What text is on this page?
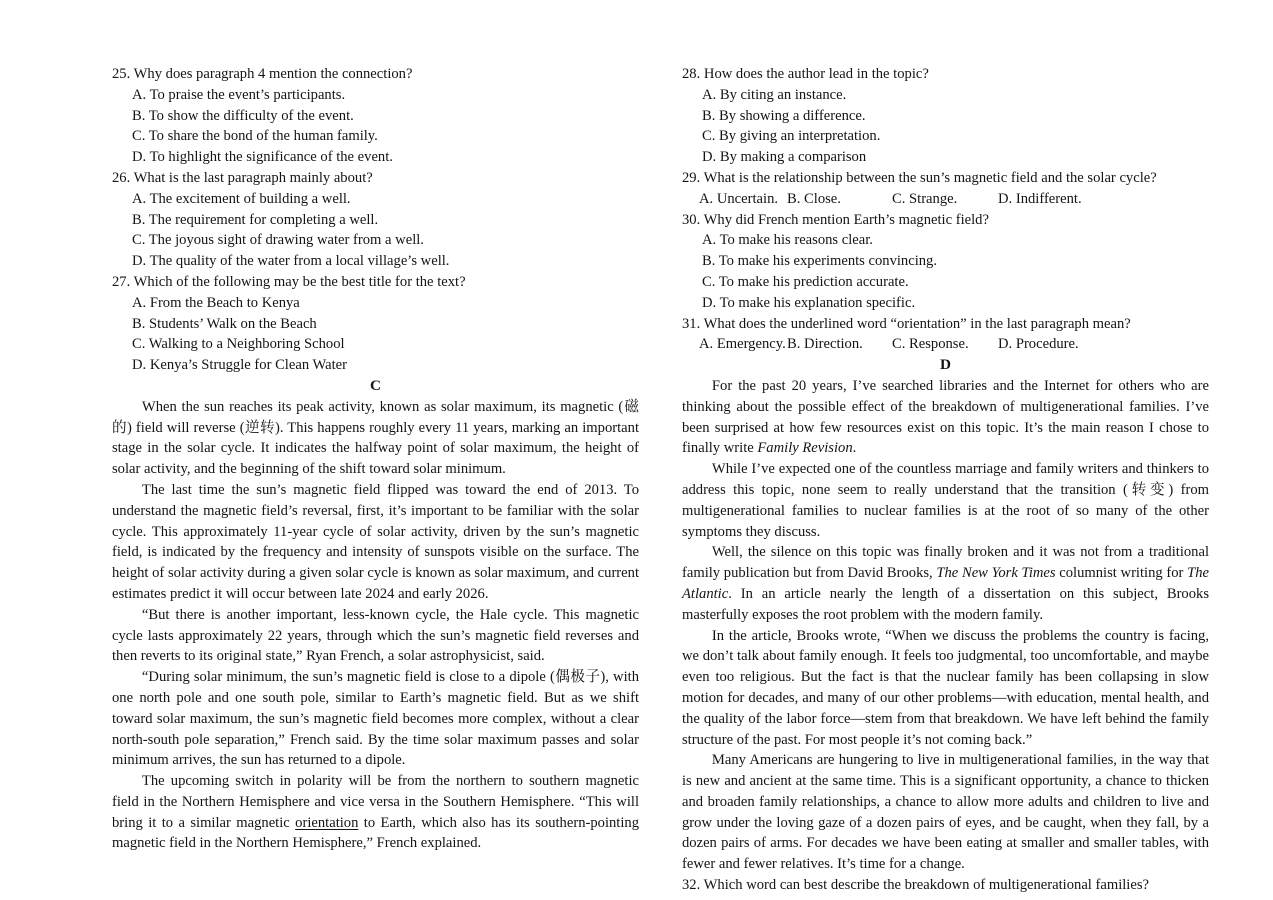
25. Why does paragraph 4 mention the connection?
A. To praise the event’s participants.
B. To show the difficulty of the event.
C. To share the bond of the human family.
D. To highlight the significance of the event.
26. What is the last paragraph mainly about?
A. The excitement of building a well.
B. The requirement for completing a well.
C. The joyous sight of drawing water from a well.
D. The quality of the water from a local village’s well.
27. Which of the following may be the best title for the text?
A. From the Beach to Kenya
B. Students’ Walk on the Beach
C. Walking to a Neighboring School
D. Kenya’s Struggle for Clean Water
C
When the sun reaches its peak activity, known as solar maximum, its magnetic (磁的) field will reverse (逆转). This happens roughly every 11 years, marking an important stage in the solar cycle. It indicates the halfway point of solar maximum, the height of solar activity, and the beginning of the shift toward solar minimum.
The last time the sun’s magnetic field flipped was toward the end of 2013. To understand the magnetic field’s reversal, first, it’s important to be familiar with the solar cycle. This approximately 11-year cycle of solar activity, driven by the sun’s magnetic field, is indicated by the frequency and intensity of sunspots visible on the surface. The height of solar activity during a given solar cycle is known as solar maximum, and current estimates predict it will occur between late 2024 and early 2026.
“But there is another important, less-known cycle, the Hale cycle. This magnetic cycle lasts approximately 22 years, through which the sun’s magnetic field reverses and then reverts to its original state,” Ryan French, a solar astrophysicist, said.
“During solar minimum, the sun’s magnetic field is close to a dipole (偶极子), with one north pole and one south pole, similar to Earth’s magnetic field. But as we shift toward solar maximum, the sun’s magnetic field becomes more complex, without a clear north-south pole separation,” French said. By the time solar maximum passes and solar minimum arrives, the sun has returned to a dipole.
The upcoming switch in polarity will be from the northern to southern magnetic field in the Northern Hemisphere and vice versa in the Southern Hemisphere. “This will bring it to a similar magnetic orientation to Earth, which also has its southern-pointing magnetic field in the Northern Hemisphere,” French explained.
28. How does the author lead in the topic?
A. By citing an instance.
B. By showing a difference.
C. By giving an interpretation.
D. By making a comparison
29. What is the relationship between the sun’s magnetic field and the solar cycle?
A. Uncertain. B. Close.	C. Strange.	D. Indifferent.
30. Why did French mention Earth’s magnetic field?
A. To make his reasons clear.
B. To make his experiments convincing.
C. To make his prediction accurate.
D. To make his explanation specific.
31. What does the underlined word “orientation” in the last paragraph mean?
A. Emergency. B. Direction.	C. Response.	D. Procedure.
D
For the past 20 years, I’ve searched libraries and the Internet for others who are thinking about the possible effect of the breakdown of multigenerational families. I’ve been surprised at how few resources exist on this topic. It’s the main reason I chose to finally write Family Revision.
While I’ve expected one of the countless marriage and family writers and thinkers to address this topic, none seem to really understand that the transition (转变) from multigenerational families to nuclear families is at the root of so many of the other symptoms they discuss.
Well, the silence on this topic was finally broken and it was not from a traditional family publication but from David Brooks, The New York Times columnist writing for The Atlantic. In an article nearly the length of a dissertation on this subject, Brooks masterfully exposes the root problem with the modern family.
In the article, Brooks wrote, “When we discuss the problems the country is facing, we don’t talk about family enough. It feels too judgmental, too uncomfortable, and maybe even too religious. But the fact is that the nuclear family has been collapsing in slow motion for decades, and many of our other problems—with education, mental health, and the quality of the labor force—stem from that breakdown. We have left behind the family structure of the past. For most people it’s not coming back.”
Many Americans are hungering to live in multigenerational families, in the way that is new and ancient at the same time. This is a significant opportunity, a chance to thicken and broaden family relationships, a chance to allow more adults and children to live and grow under the loving gaze of a dozen pairs of eyes, and be caught, when they fall, by a dozen pairs of arms. For decades we have been eating at smaller and smaller tables, with fewer and fewer relatives. It’s time for a change.
32. Which word can best describe the breakdown of multigenerational families?
